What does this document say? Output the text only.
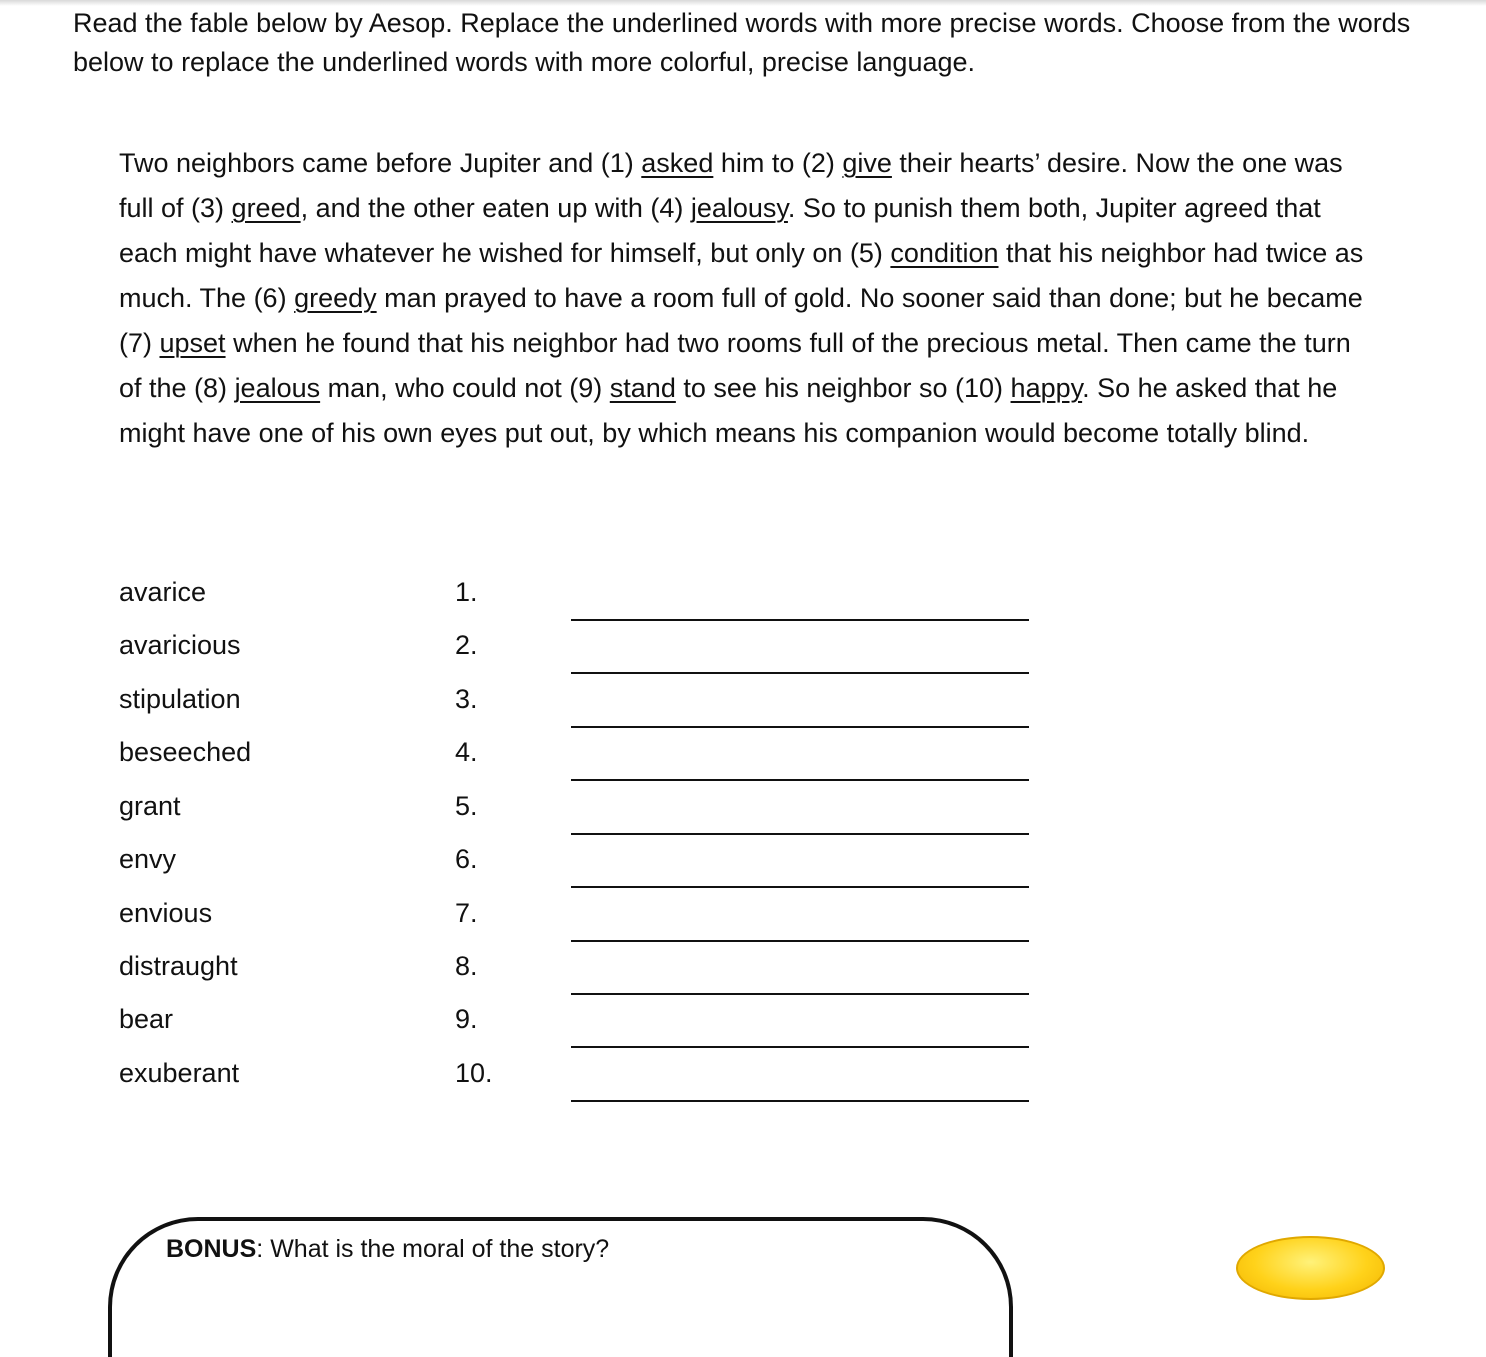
Read the fable below by Aesop. Replace the underlined words with more precise words. Choose from the words below to replace the underlined words with more colorful, precise language.

Two neighbors came before Jupiter and (1) asked him to (2) give their hearts’ desire. Now the one was full of (3) greed, and the other eaten up with (4) jealousy. So to punish them both, Jupiter agreed that each might have whatever he wished for himself, but only on (5) condition that his neighbor had twice as much. The (6) greedy man prayed to have a room full of gold. No sooner said than done; but he became (7) upset when he found that his neighbor had two rooms full of the precious metal. Then came the turn of the (8) jealous man, who could not (9) stand to see his neighbor so (10) happy. So he asked that he might have one of his own eyes put out, by which means his companion would become totally blind.

avarice	1.
avaricious	2.
stipulation	3.
beseeched	4.
grant	5.
envy	6.
envious	7.
distraught	8.
bear	9.
exuberant	10.
BONUS: What is the moral of the story?
